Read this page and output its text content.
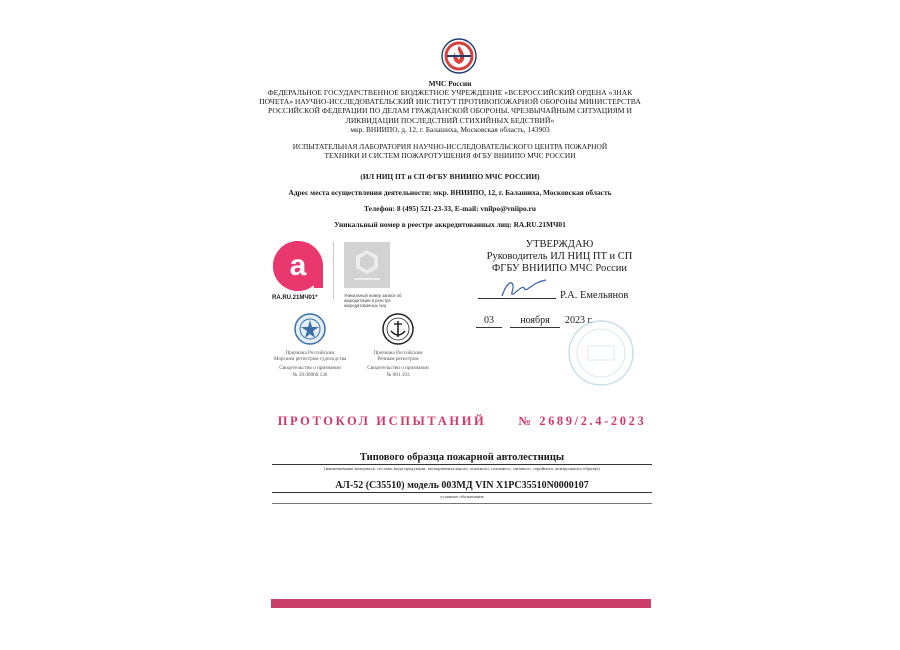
МЧС России
ФЕДЕРАЛЬНОЕ ГОСУДАРСТВЕННОЕ БЮДЖЕТНОЕ УЧРЕЖДЕНИЕ «ВСЕРОССИЙСКИЙ ОРДЕНА «ЗНАК ПОЧЕТА» НАУЧНО-ИССЛЕДОВАТЕЛЬСКИЙ ИНСТИТУТ ПРОТИВОПОЖАРНОЙ ОБОРОНЫ МИНИСТЕРСТВА РОССИЙСКОЙ ФЕДЕРАЦИИ ПО ДЕЛАМ ГРАЖДАНСКОЙ ОБОРОНЫ, ЧРЕЗВЫЧАЙНЫМ СИТУАЦИЯМ И ЛИКВИДАЦИИ ПОСЛЕДСТВИЙ СТИХИЙНЫХ БЕДСТВИЙ»
мкр. ВНИИПО, д. 12, г. Балашиха, Московская область, 143903
ИСПЫТАТЕЛЬНАЯ ЛАБОРАТОРИЯ НАУЧНО-ИССЛЕДОВАТЕЛЬСКОГО ЦЕНТРА ПОЖАРНОЙ ТЕХНИКИ И СИСТЕМ ПОЖАРОТУШЕНИЯ ФГБУ ВНИИПО МЧС РОССИИ
(ИЛ НИЦ ПТ и СП ФГБУ ВНИИПО МЧС РОССИИ)
Адрес места осуществления деятельности: мкр. ВНИИПО, 12, г. Балашиха, Московская область
Телефон: 8 (495) 521-23-33, E-mail: vnilpo@vniipo.ru
Уникальный номер в реестре аккредитованных лиц: RA.RU.21МЧ01
a
RA.RU.21МЧ01*	Уникальный номер записи об аккредитации в реестре аккредитованных лиц
Признана Российским
Морским регистром судоходства
Свидетельство о признании
№ 20.00868.130
Признана Российским
Речным регистром
Свидетельство о признании
№ 001.103
УТВЕРЖДАЮ
Руководитель ИЛ НИЦ ПТ и СП
ФГБУ ВНИИПО МЧС России
Р.А. Емельянов
03	ноября	2023 г.
ПРОТОКОЛ ИСПЫТАНИЙ	№ 2689/2.4-2023
Типового образца пожарной автолестницы
(наименование материала, состава, вида продукции, экспериментального, опытного, головного, типового, серийного, контрольного образца)
АЛ-52 (С35510) модель 003МД VIN X1PC35510N0000107
условное обозначение
